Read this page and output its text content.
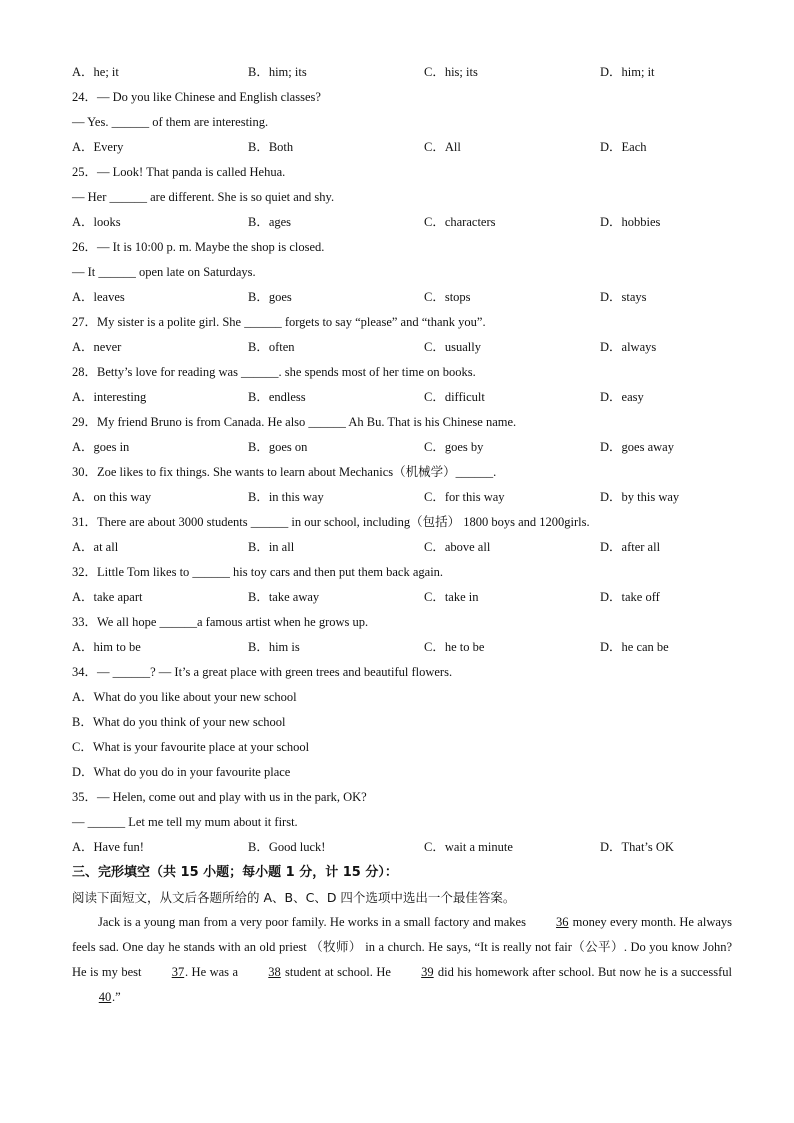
A．he; it	B．him; its	C．his; its	D．him; it
24．— Do you like Chinese and English classes?
— Yes. ______ of them are interesting.
A．Every	B．Both	C．All	D．Each
25．— Look! That panda is called Hehua.
— Her ______ are different. She is so quiet and shy.
A．looks	B．ages	C．characters	D．hobbies
26．— It is 10:00 p. m. Maybe the shop is closed.
— It ______ open late on Saturdays.
A．leaves	B．goes	C．stops	D．stays
27．My sister is a polite girl. She ______ forgets to say “please” and “thank you”.
A．never	B．often	C．usually	D．always
28．Betty’s love for reading was ______. she spends most of her time on books.
A．interesting	B．endless	C．difficult	D．easy
29．My friend Bruno is from Canada. He also ______ Ah Bu. That is his Chinese name.
A．goes in	B．goes on	C．goes by	D．goes away
30．Zoe likes to fix things. She wants to learn about Mechanics（机械学）______.
A．on this way	B．in this way	C．for this way	D．by this way
31．There are about 3000 students ______ in our school, including（包括） 1800 boys and 1200girls.
A．at all	B．in all	C．above all	D．after all
32．Little Tom likes to ______ his toy cars and then put them back again.
A．take apart	B．take away	C．take in	D．take off
33．We all hope ______a famous artist when he grows up.
A．him to be	B．him is	C．he to be	D．he can be
34．— ______? — It’s a great place with green trees and beautiful flowers.
A．What do you like about your new school
B．What do you think of your new school
C．What is your favourite place at your school
D．What do you do in your favourite place
35．— Helen, come out and play with us in the park, OK?
— ______ Let me tell my mum about it first.
A．Have fun!	B．Good luck!	C．wait a minute	D．That’s OK
三、完形填空（共 15 小题；每小题 1 分，计 15 分）：
阅读下面短文，从文后各题所给的 A、B、C、D 四个选项中选出一个最佳答案。

Jack is a young man from a very poor family. He works in a small factory and makes 36 money every month. He always feels sad. One day he stands with an old priest （牧师） in a church. He says, “It is really not fair（公平）. Do you know John? He is my best 37. He was a 38 student at school. He 39 did his homework after school. But now he is a successful 40.”
